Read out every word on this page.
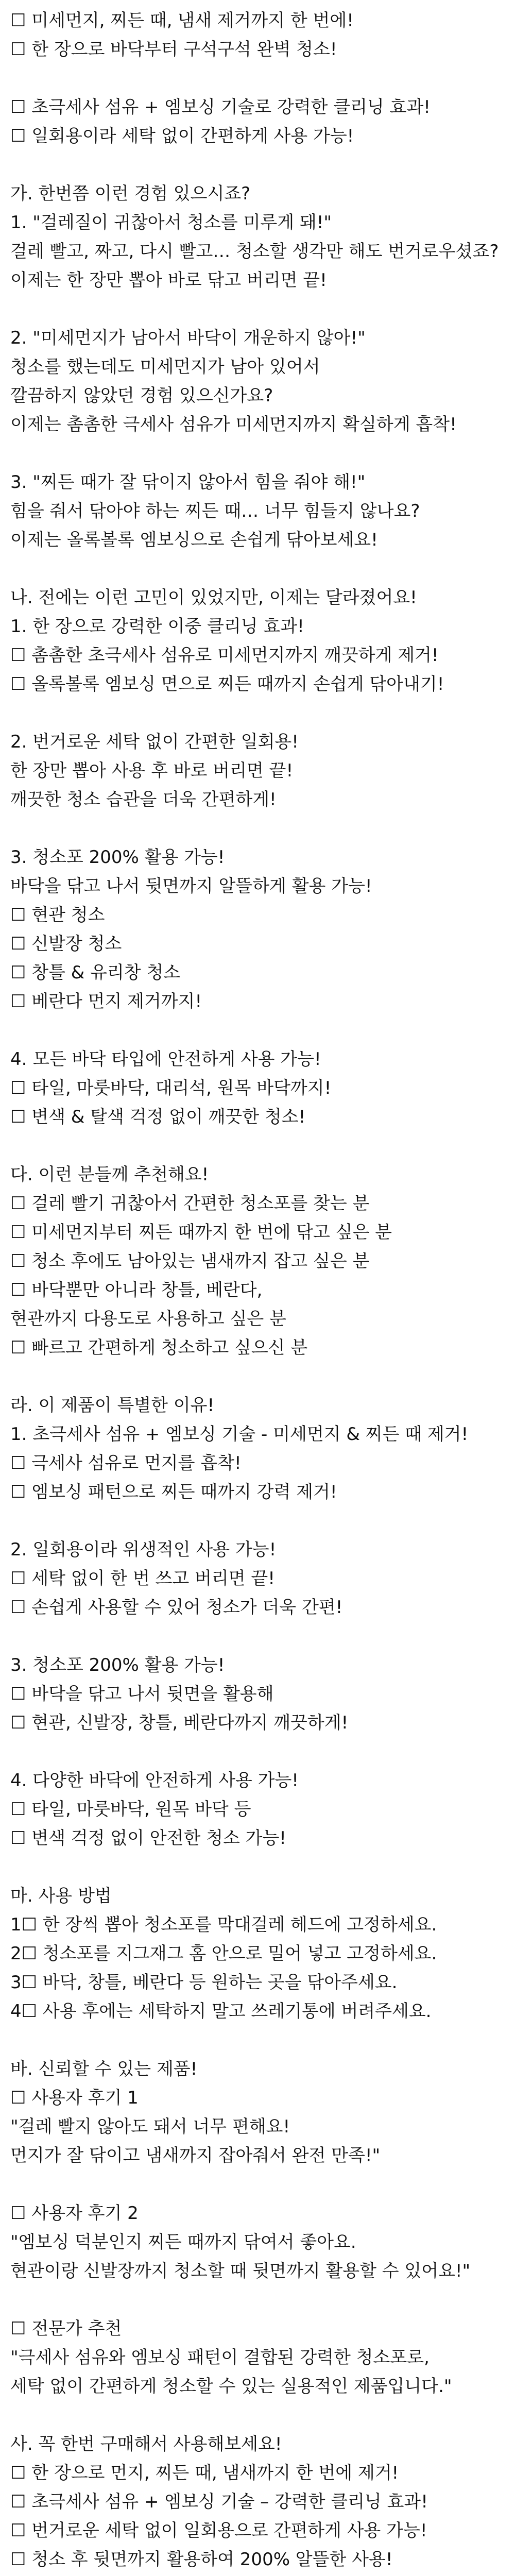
☐ 미세먼지, 찌든 때, 냄새 제거까지 한 번에!
☐ 한 장으로 바닥부터 구석구석 완벽 청소!
☐ 초극세사 섬유 + 엠보싱 기술로 강력한 클리닝 효과!
☐ 일회용이라 세탁 없이 간편하게 사용 가능!
가. 한번쯤 이런 경험 있으시죠?
1. "걸레질이 귀찮아서 청소를 미루게 돼!"
걸레 빨고, 짜고, 다시 빨고… 청소할 생각만 해도 번거로우셨죠?
이제는 한 장만 뽑아 바로 닦고 버리면 끝!
2. "미세먼지가 남아서 바닥이 개운하지 않아!"
청소를 했는데도 미세먼지가 남아 있어서
깔끔하지 않았던 경험 있으신가요?
이제는 촘촘한 극세사 섬유가 미세먼지까지 확실하게 흡착!
3. "찌든 때가 잘 닦이지 않아서 힘을 줘야 해!"
힘을 줘서 닦아야 하는 찌든 때… 너무 힘들지 않나요?
이제는 올록볼록 엠보싱으로 손쉽게 닦아보세요!
나. 전에는 이런 고민이 있었지만, 이제는 달라졌어요!
1. 한 장으로 강력한 이중 클리닝 효과!
☐ 촘촘한 초극세사 섬유로 미세먼지까지 깨끗하게 제거!
☐ 올록볼록 엠보싱 면으로 찌든 때까지 손쉽게 닦아내기!
2. 번거로운 세탁 없이 간편한 일회용!
한 장만 뽑아 사용 후 바로 버리면 끝!
깨끗한 청소 습관을 더욱 간편하게!
3. 청소포 200% 활용 가능!
바닥을 닦고 나서 뒷면까지 알뜰하게 활용 가능!
☐ 현관 청소
☐ 신발장 청소
☐ 창틀 & 유리창 청소
☐ 베란다 먼지 제거까지!
4. 모든 바닥 타입에 안전하게 사용 가능!
☐ 타일, 마룻바닥, 대리석, 원목 바닥까지!
☐ 변색 & 탈색 걱정 없이 깨끗한 청소!
다. 이런 분들께 추천해요!
☐ 걸레 빨기 귀찮아서 간편한 청소포를 찾는 분
☐ 미세먼지부터 찌든 때까지 한 번에 닦고 싶은 분
☐ 청소 후에도 남아있는 냄새까지 잡고 싶은 분
☐ 바닥뿐만 아니라 창틀, 베란다,
현관까지 다용도로 사용하고 싶은 분
☐ 빠르고 간편하게 청소하고 싶으신 분
라. 이 제품이 특별한 이유!
1. 초극세사 섬유 + 엠보싱 기술 - 미세먼지 & 찌든 때 제거!
☐ 극세사 섬유로 먼지를 흡착!
☐ 엠보싱 패턴으로 찌든 때까지 강력 제거!
2. 일회용이라 위생적인 사용 가능!
☐ 세탁 없이 한 번 쓰고 버리면 끝!
☐ 손쉽게 사용할 수 있어 청소가 더욱 간편!
3. 청소포 200% 활용 가능!
☐ 바닥을 닦고 나서 뒷면을 활용해
☐ 현관, 신발장, 창틀, 베란다까지 깨끗하게!
4. 다양한 바닥에 안전하게 사용 가능!
☐ 타일, 마룻바닥, 원목 바닥 등
☐ 변색 걱정 없이 안전한 청소 가능!
마. 사용 방법
1☐ 한 장씩 뽑아 청소포를 막대걸레 헤드에 고정하세요.
2☐ 청소포를 지그재그 홈 안으로 밀어 넣고 고정하세요.
3☐ 바닥, 창틀, 베란다 등 원하는 곳을 닦아주세요.
4☐ 사용 후에는 세탁하지 말고 쓰레기통에 버려주세요.
바. 신뢰할 수 있는 제품!
☐ 사용자 후기 1
"걸레 빨지 않아도 돼서 너무 편해요!
먼지가 잘 닦이고 냄새까지 잡아줘서 완전 만족!"
☐ 사용자 후기 2
"엠보싱 덕분인지 찌든 때까지 닦여서 좋아요.
현관이랑 신발장까지 청소할 때 뒷면까지 활용할 수 있어요!"
☐ 전문가 추천
"극세사 섬유와 엠보싱 패턴이 결합된 강력한 청소포로,
세탁 없이 간편하게 청소할 수 있는 실용적인 제품입니다."
사. 꼭 한번 구매해서 사용해보세요!
☐ 한 장으로 먼지, 찌든 때, 냄새까지 한 번에 제거!
☐ 초극세사 섬유 + 엠보싱 기술 – 강력한 클리닝 효과!
☐ 번거로운 세탁 없이 일회용으로 간편하게 사용 가능!
☐ 청소 후 뒷면까지 활용하여 200% 알뜰한 사용!
